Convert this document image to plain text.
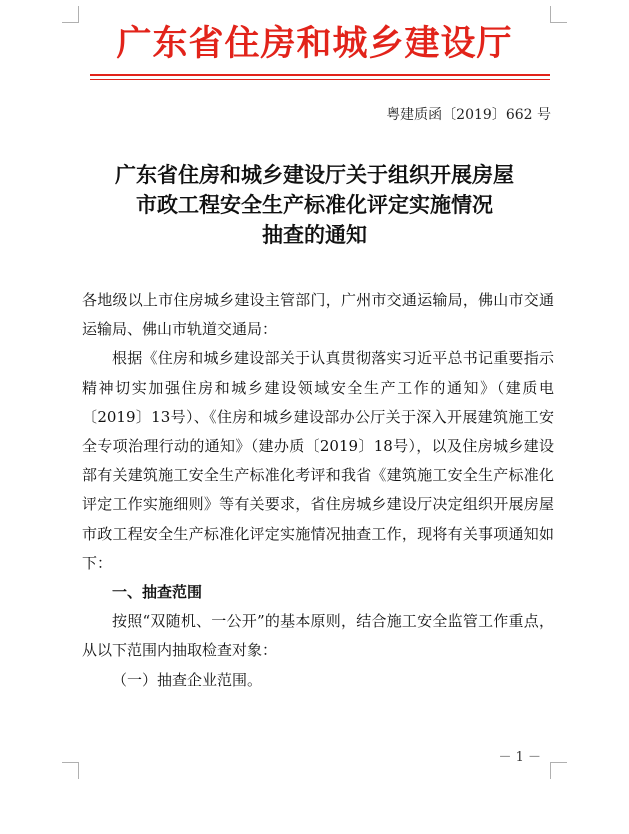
广东省住房和城乡建设厅
粤建质函〔2019〕662 号
广东省住房和城乡建设厅关于组织开展房屋
市政工程安全生产标准化评定实施情况
抽查的通知

各地级以上市住房城乡建设主管部门，广州市交通运输局，佛山市交通运输局、佛山市轨道交通局：

根据《住房和城乡建设部关于认真贯彻落实习近平总书记重要指示精神切实加强住房和城乡建设领域安全生产工作的通知》（建质电〔2019〕13号）、《住房和城乡建设部办公厅关于深入开展建筑施工安全专项治理行动的通知》（建办质〔2019〕18号），以及住房城乡建设部有关建筑施工安全生产标准化考评和我省《建筑施工安全生产标准化评定工作实施细则》等有关要求，省住房城乡建设厅决定组织开展房屋市政工程安全生产标准化评定实施情况抽查工作，现将有关事项通知如下：

一、抽查范围

按照“双随机、一公开”的基本原则，结合施工安全监管工作重点，从以下范围内抽取检查对象：

（一）抽查企业范围。

－ 1 －
